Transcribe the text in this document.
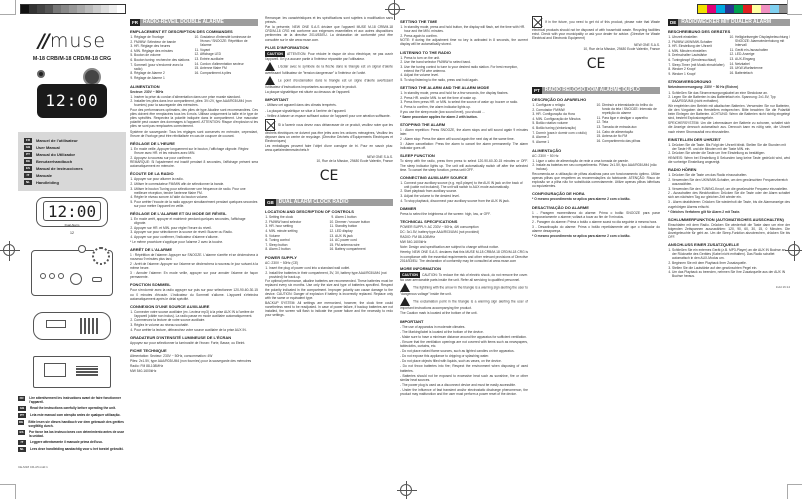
// muse
M-18 CRB/M-18 CRD/M-18 CRG
12:00
FR	Manuel de l'utilisateur
GB	User Manual
PT	Manual do Utilizador
DE	Benutzerhandbuch
ES	Manual de instrucciones
IT	Manuale
NL	Handleiding
12:00
Dual Alarm
12
FR	Lire attentivement les instructions avant de faire fonctionner l'appareil.
GB	Read the instructions carefully before operating the unit.
PT	Leia este manual com atenção antes de qualquer utilização.
DE	Bitte lesen sie dieses handbuch vor dem gebrauch des gerätes sorgfältig durch.
ES	Por favor lea las instrucciones con detenimiento antes de usar la unidad.
IT	Leggere attentamente il manuale prima dell'uso.
NL	Lees deze handleiding aandachtig voor u het toestel gebruikt.
CE-M18 CR-A5.indd 1
FR	RADIO-RÉVEIL DOUBLE ALARME
EMPLACEMENT ET DESCRIPTION DES COMMANDES
1. Réglage de l'horloge
2. FM/MW: Sélecteur de bande
3. HR. Réglage des heures
4. MIN. Réglage des minutes
5. Bouton de volume
6. Bouton tuning: recherche des stations
7. Sommeil (pour s'endormir avec la radio)
8. Réglage de Alarme 2
9. Réglage de Alarme 1
10. Gradateur d'intensité lumineuse de l'écran / SNOOZE: Répétition de l'alarme
11. Voyant
12. Affichage LED
13. Entrée auxiliaire
14. Cordon d'alimentation secteur
15. Antenne filaire FM
16. Compartiment à piles
ALIMENTATION

Secteur: 230V ~ 50Hz

1. Insérer la prise du cordon d'alimentation dans une prise murale standard.
2. Installer les piles dans leur compartiment, piles: 3V=2V, type AAA/R03/UM4 (non fournies) pour la sauvegarde des mémoires.

Pour des performances optimales, des piles de type Alcaline sont recommandées. Ces piles doivent être remplacées tous les 6 mois. Utilisez uniquement la taille et le type de piles spécifiés. Respectez la polarité indiquée dans le compartiment. Une mauvaise polarité peut causer des dommages à l'appareil. ATTENTION: Risque d'explosion si les piles ne sont pas remplacées correctement.

Système de sauvegarde: Tous les réglages sont conservés en mémoire, cependant, l'heure de l'horloge peut être réinitialisée en cas de coupure de courant.

RÉGLAGE DE L'HEURE
1. En mode veille, Appuyer longuement sur le bouton, l'affichage clignote. Réglez l'heure avec HR. et les minutes avec MIN.
2. Appuyez à nouveau sur pour confirmer.

REMARQUE: Si l'ajustement est inactif pendant 8 secondes, l'affichage présent sera automatiquement en mémoire.

ÉCOUTE DE LA RADIO
1. Appuyer sur pour allumer la radio.
2. Utiliser le commutateur FM/MW afin de sélectionner la bande.
3. Utiliser le bouton Tuning pour sélectionner une fréquence de radio. Pour une meilleure réception, tendre l'antenne filaire FM.
4. Régler le niveau sonore à l'aide du bouton volume.
5. Pour arrêter l'écoute de la radio appuyer simultanément pendant quelques secondes sur pour mettre l'appareil en veille.
RÉGLAGE DE L'ALARME ET DU MODE DE RÉVEIL
1. En mode arrêt, appuyer et maintenir pendant quelques secondes, l'affichage clignote.
2. Appuyer sur HR. et MIN. pour régler l'heure du réveil.
3. Appuyer sur pour sélectionner la source de réveil: Buzzer ou Radio.
4. Appuyer sur pour confirmer, l'indicateur d'alarme s'allume.

* Le même procédure s'applique pour l'alarme 2 avec la touche.

ARRÊT DE L'ALARME

1 : Répétition de l'alarme: Appuyer sur SNOOZE. L'alarme s'arrête et se déclenchera à nouveau 9 minutes plus tard.

2 : Arrêt de l'alarme: Appuyer sur l'alarme se déclenchera à nouveau le jour suivant à la même heure.

3 : Annuler l'alarme: En mode veille, appuyer sur pour annuler l'alarme de façon permanente.

FONCTION SOMMEIL

Pour s'endormir avec la radio appuyer sur puis sur pour sélectionner 120-90-60-30-15 ou 0 minutes d'écoute. L'indicateur du Sommeil s'allume. L'appareil s'éteindra automatiquement après le délai spécifié.

CONNEXION D'UNE SOURCE AUXILIAIRE
1. Connecter votre source auxiliaire (ex. Lecteur mp3) à la prise AUX IN à l'arrière de l'appareil (câble non inclus). La radio passe en mode auxiliaire automatiquement.
2. Commencez la lecture de votre source auxiliaire.
3. Réglez le volume au niveau souhaité.
4. Pour arrêter la lecture, débranchez votre source auxiliaire de la prise AUX IN.
GRADATEUR D'INTENSITÉ LUMINEUSE DE L'ÉCRAN

Appuyez sur pour sélectionner la luminosité de l'écran: Forte, Basse, ou Eteint.

FICHE TECHNIQUE

Alimentation: Secteur: 230V ~ 50Hz, consommation: 4W

Piles: 2x1.5V, type AAA/R03/UM4 (non fournies) pour la sauvegarde des mémoires

Radio: FM 88-108MHz

MW 540-1600kHz

Remarque: les caractéristiques et les spécifications sont sujettes à modification sans préavis.

Par la présente, NEW ONE S.A.S déclare que l'appareil MUSE M-18 CRB/M-18 CRD/M-18 CRG est conforme aux exigences essentielles et aux autres dispositions pertinentes de la directive 2014/53/EU. La déclaration de conformité peut être consultée sur le site www.muse.com.

PLUS D'INFORMATION

CAUTION ATTENTION: Pour réduire le risque de choc électrique, ne pas ouvrir l'appareil. Il n'y a aucune partie à l'intérieur réparable par l'utilisateur.

L'éclair avec le symbole de la flèche dans le triangle est un signal d'alerte avertissant l'utilisateur de "tension dangereuse" à l'intérieur de l'unité.

Le point d'exclamation dans le triangle est un signe d'alerte avertissant l'utilisateur d'instructions importantes accompagnant le produit.

La plaque signalétique est située au dessous de l'appareil.

IMPORTANT

- Utilisez cet appareil dans des climats tempérés.

- La plaque signalétique se situe à l'arrière de l'appareil.

- Veillez à laisser un espace suffisant autour de l'appareil pour une aération suffisante.

Si à l'avenir vous devez vous débarrasser de ce produit, veuillez noter que les déchets électriques ne doivent pas être jetés avec les ordures ménagères. Veuillez les déposer dans un centre de recyclage. (Directive Déchets d'Équipements Électriques et Électroniques)

Les emballages peuvent faire l'objet d'une consigne de tri. Pour en savoir plus: www.quefairedemesdechets.fr

NEW ONE S.A.S.
10, Rue de la Mission, 29480 Ecole Valentin, France
CE
GB	DUAL ALARM CLOCK RADIO
LOCATION AND DESCRIPTION OF CONTROLS
1. Setting the clock
2. FM/MW band selector
3. HR. hour setting
4. MIN. minute setting
5. Volume
6. Tuning control
7. Sleep button
8. Alarm 2 button
9. Alarm 1 button
10. Dimmer / snooze button
11. Standby button
12. LED display
13. AUX IN jack
14. AC power cord
15. FM antenna wire
16. Battery compartment
POWER SUPPLY

AC: 230V ~ 50Hz (CE)

1. Insert the plug of power cord into a standard wall outlet.
2. Install the batteries in their compartment, 3V, 3V, battery type AAA/R03/UM4 (not provided) for back-up.

For optimal performance, alkaline batteries are recommended. These batteries must be replaced every six months. Use only the size and type of batteries specified. Respect the polarity indicated in the compartment. Improper polarity can cause damage to the device. CAUTION: Danger of explosion if battery is incorrectly replaced. Replace only with the same or equivalent type.

BACKUP SYSTEM: All settings are memorized, however, the clock time could nonetheless need to be readjusted. In case of power failure, if backup batteries are not installed, the screen will flash to indicate the power failure and the necessity to redo your settings.

SETTING THE TIME
1. In standby mode, press and hold button, the display will flash, set the time with HR. hour and the MIN. minutes.
2. Press again to confirm.

NOTE: If during the adjustment time no key is activated in 8 seconds, the current display will be automatically stored.

LISTENING TO THE RADIO
1. Press to turn on the unit.
2. Use the band selector FM/MW to select band.
3. Use the tuning control to tune to your desired radio station. For best reception, extend the FM wire antenna.
4. Adjust the volume level.
5. To stop listening to the radio, press and hold again.
SETTING THE ALARM AND THE ALARM MODE
1. In standby mode, press and hold for a few seconds, the display flashes.
2. Press HR. and/or MIN. to set the time of wake up.
3. Press then press HR. or MIN. to select the source of wake up: buzzer or radio.
4. Press to confirm, the alarm indicator lights up.

If you use the sleep mode (low sound level), you should ...

* Same procedure applies for alarm 2 with button.

STOPPING THE ALARM

1 : Alarm repetition: Press SNOOZE, the alarm stops and will sound again 9 minutes later.

2 : Alarm stop: Press the alarm will sound again the next day at the same time.

3 : Alarm cancellation: Press the alarm to cancel the alarm permanently. The alarm indicator goes off.

SLEEP FUNCTION

To sleep with the radio, press then press to select 120-90-60-30-15 minutes or OFF. The sleep indicator lights up. The unit will automatically switch off after the selected time. To cancel the sleep function, press until OFF.

CONNECTING AUXILIARY SOURCE
1. Connect your auxiliary source (e.g. mp3 player) to the AUX IN jack on the back of unit (cable not included). The unit will switch to AUX mode automatically.
2. Start playback from auxiliary source.
3. Adjust the volume to the desired level.
4. To stop playback, disconnect your auxiliary source from the AUX IN jack.
DIMMER

Press to select the brightness of the screen: high, low, or OFF.

TECHNICAL SPECIFICATIONS

POWER SUPPLY: AC 230V ~ 50Hz, 4W consumption

DC: 3x1.5V, battery type AAA/R03/UM4 (not provided)

RADIO: FM 88-108MHz

MW 540-1600kHz

Note: Design and specification are subject to change without notice.

Hereby, NEW ONE S.A.S. declares that this MUSE M-18 CRB/M-18 CRD/M-18 CRG is in compliance with the essential requirements and other relevant provisions of Directive 2014/53/EU. The declaration of conformity may be consulted at www.muse.com

MORE INFORMATION

CAUTION CAUTION: To reduce the risk of electric shock, do not remove the cover. No user-serviceable parts inside the unit. Refer all servicing to qualified personnel.

The lightning with the arrow in the triangle is a warning sign alerting the user to "dangerous voltage" inside the unit.

The exclamation point in the triangle is a warning sign alerting the user of important instructions accompanying the product.

The Caution mark is located at the bottom of the unit.

IMPORTANT

- The use of apparatus in moderate climates.

- The Marking/label is located at the bottom of the device.

- Make sure to have a minimum distance around the apparatus for sufficient ventilation.

- Ensure that the ventilation openings are not covered with items such as newspapers, tablecloths, curtains, etc.

- Do not place naked flame sources, such as lighted candles on the apparatus.

- Do not expose this appliance to dripping or splashing water.

- Do not place objects filled with liquids, such as vases, on the device.

- Do not throw batteries into fire; Respect the environment when disposing of used batteries.

- Batteries should not be exposed to excessive heat such as sunshine, fire or other similar heat sources.

- The power plug is used as a disconnect device and must be easily accessible.

- Under the influence of fast transient and/or electrostatic discharge phenomenon, the product may malfunction and the user must perform a power reset of the device.

If in the future, you need to get rid of this product, please note that Waste electrical products should not be disposed of with household waste. Recycling facilities exist. Check with your municipality or ask your dealer for advice. (Directive for Waste Electrical and Electronic Equipment)

NEW ONE S.A.S.
10, Rue de la Mission, 29480 Ecole Valentin, France
CE
PT	RÁDIO RELÓGIO COM ALARME DUPLO
DESCRIÇÃO DO APARELHO
1. Configurar o relógio
2. Comutador FM/MW
3. HR. Configuração da Hora
4. MIN. Configuração de Minutos
5. Botão rotativo volume
6. Botão tuning (sintonização)
7. Dormir (para ir dormir com o rádio)
8. Alarme 2
9. Alarme 1
10. Diminuir a intensidade do brilho do fundo da tela / SNOOZE: Intervalo de repetição do alarme
11. Para ligar e desligar o aparelho
12. Tela
13. Tomada de entrada áux
14. Cabo de alimentação
15. Antena de fio FM
16. Compartimento das pilhas
ALIMENTAÇÃO

AC: 230V ~ 50 Hz

1. Ligue o cabo de alimentação de rede a uma tomada de parede.
2. Instale as baterias em seu compartimento. Pilhas: 2x1.5V, tipo AAA/R03/UM4 (não incluso).

Recomenda-se a utilização de pilhas alcalinas para um funcionamento óptimo. Utilize apenas pilhas que respeitem as recomendações do fabricante. ATENÇÃO: Risco de explosão se a pilha não for substituída correctamente. Utilize apenas pilhas idênticas ou equivalentes.

CONFIGURAÇÃO DE HORA

* O mesmo procedimento se aplica para alarme 2 com o botão.

DESACTIVAÇÃO DO ALARME

1 - Paragem momentânea do alarme: Prima o botão SNOOZE para parar temporariamente o alarme; voltará a tocar ao fim de 9 minutos.

2 - Paragem do alarme: Prima o botão o alarme soará no dia seguinte à mesma hora.

3 - Desactivação do alarme: Prima o botão repetidamente até que o indicador do alarme desapareça.

* O mesmo procedimento se aplica para alarme 2 com o botão.

DE	RADIOWECKER MIT DUALER ALARM
BESCHREIBUNG DES GERÄTES
1. Uhrzeit einstellen
2. FM/MW-UKW/MW-Schalter
3. HR. Einstellung der Uhrzeit
4. MIN. Minuten einstellen
5. Drehschalter Lautstärke
6. Tuningknopf (Sendersuchlauf)
7. Sleep-Timer (mit Musik einschlafen)
8. Wecker 2 Knopf
9. Wecker 1 Knopf
10. Helligkeitsregler Displaybeleuchtung / SNOOZE: Alarmwiederholung mit Intervall
11. Gerät ein-/ausschalten
12. LED-Anzeige
13. AUX-Eingang
14. Netzkabel
15. UKW-Wurfantenne
16. Batteriefach
STROMVERSORGUNG

Netzstromversorgung: 230V ~ 50 Hz (Eichen)

1. Schließen Sie das Stromversorgungskabel an eine Steckdose an.
2. Legen Sie die Batterien in das Batteriefach ein. Spannung: 2x1.5V, Typ AAA/R03/UM4 (nicht enthalten).

Wir empfehlen den Betrieb mit alkalischen Batterien. Verwenden Sie nur Batterien, die den Vorgaben des Herstellers entsprechen. Bitte beachten Sie die Polarität beim Einlegen der Batterien. ACHTUNG: Wenn die Batterien nicht richtig eingelegt sind, besteht Explosionsgefahr.

SPEICHERSYSTEM: Um die Lebensdauer der Batterie zu schonen, schaltet sich die Anzeige dennoch automatisch aus. Dennoch kann es nötig sein, die Uhrzeit nach einem Stromausfall neu einzustellen.

EINSTELLEN DER UHRZEIT
1. Drücken Sie die Taste. Bis Folgt der Uhrzeit blinkt. Stellen Sie die Stunden mit der Taste HR. und die Minuten mit der Taste MIN. ein.
2. Drücken Sie wieder die Taste um Ihre Einstellung zu bestätigen.

HINWEIS: Wenn bei Einstellung 8 Sekunden lang keine Taste gedrückt wird, wird die vorherige Einstellung angezeigt.

RADIO HÖREN
1. Drücken Sie die Taste um das Radio einzuschalten.
2. Verwenden Sie den UKW/MW-Schalter, um den gewünschten Frequenzbereich auszuwählen.
3. Verwenden Sie den TUNING-Knopf, um die gewünschte Frequenz einzustellen.

2 - Ausschalten des Weckfunktion: Drücken Sie die Taste oder der Alarm schaltet sich am nächsten Tag zur gleichen Zeit wieder ein.

3 - Alarm deaktivieren: Drücken Sie wiederholt die Taste, bis die Alarmanzeige des zugehörigen Alarms erlischt.

* Gleiches Verfahren gilt für Alarm 2 mit Taste.

SCHLUMMERFUNKTION (AUTOMATISCHES AUSSCHALTEN)

Einschlafen mit dem Radio. Drücken Sie wiederholt die Taste dann um eine der folgenden Zeitspannen auszuwählen: 120, 90, 60, 30, 15, 0 Minuten. Die Anzeigeleuchte für geht an. Um die Sleep-Funktion abzubrechen, drücken Sie bis OFF.

ANSCHLUSS EINER ZUSATZQUELLE
1. Schließen Sie ein externes Gerät (z.B. MP3-Player) an die AUX IN Buchse an der Rückseite des Gerätes (Kabel nicht enthalten). Das Radio schaltet automatisch in den AUX-Modus um.
2. Beginnen Sie mit dem Playback Ihrer Zusatzquelle.
3. Stellen Sie die Lautstärke auf den gewünschten Pegel ein.
4. Um das Playback zu beenden, nehmen Sie Ihre Zusatzquelle aus der AUX IN Buchse heraus.
Indd 16:14
